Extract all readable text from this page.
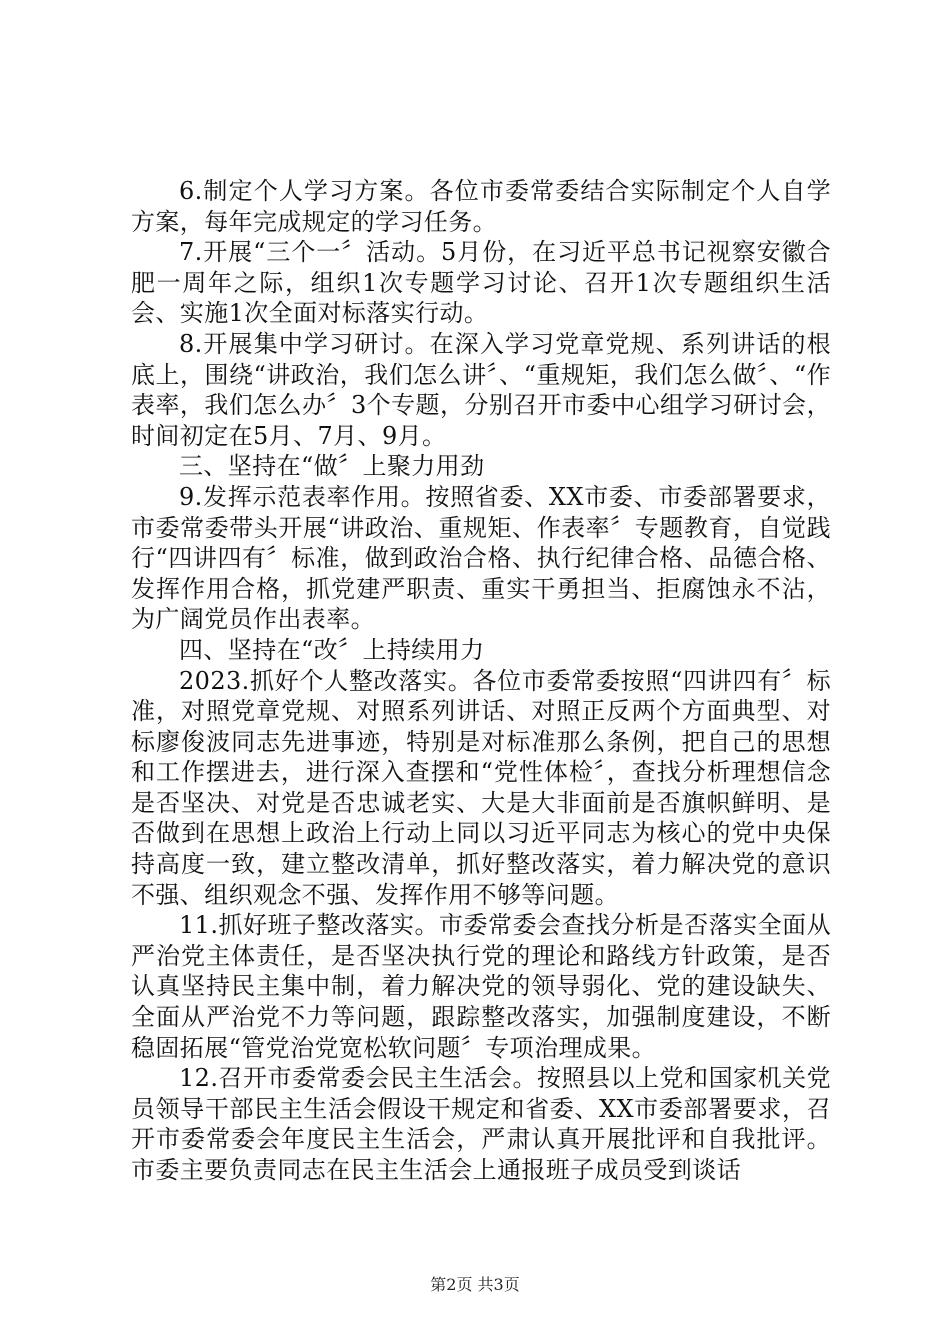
6.制定个人学习方案。各位市委常委结合实际制定个人自学方案，每年完成规定的学习任务。

7.开展“三个一〞活动。5月份，在习近平总书记视察安徽合肥一周年之际，组织1次专题学习讨论、召开1次专题组织生活会、实施1次全面对标落实行动。

8.开展集中学习研讨。在深入学习党章党规、系列讲话的根底上，围绕“讲政治，我们怎么讲〞、“重规矩，我们怎么做〞、“作表率，我们怎么办〞3个专题，分别召开市委中心组学习研讨会，时间初定在5月、7月、9月。

三、坚持在“做〞上聚力用劲

9.发挥示范表率作用。按照省委、XX市委、市委部署要求，市委常委带头开展“讲政治、重规矩、作表率〞专题教育，自觉践行“四讲四有〞标准，做到政治合格、执行纪律合格、品德合格、发挥作用合格，抓党建严职责、重实干勇担当、拒腐蚀永不沾，为广阔党员作出表率。

四、坚持在“改〞上持续用力

2023.抓好个人整改落实。各位市委常委按照“四讲四有〞标准，对照党章党规、对照系列讲话、对照正反两个方面典型、对标廖俊波同志先进事迹，特别是对标准那么条例，把自己的思想和工作摆进去，进行深入查摆和“党性体检〞，查找分析理想信念是否坚决、对党是否忠诚老实、大是大非面前是否旗帜鲜明、是否做到在思想上政治上行动上同以习近平同志为核心的党中央保持高度一致，建立整改清单，抓好整改落实，着力解决党的意识不强、组织观念不强、发挥作用不够等问题。

11.抓好班子整改落实。市委常委会查找分析是否落实全面从严治党主体责任，是否坚决执行党的理论和路线方针政策，是否认真坚持民主集中制，着力解决党的领导弱化、党的建设缺失、全面从严治党不力等问题，跟踪整改落实，加强制度建设，不断稳固拓展“管党治党宽松软问题〞专项治理成果。

12.召开市委常委会民主生活会。按照县以上党和国家机关党员领导干部民主生活会假设干规定和省委、XX市委部署要求，召开市委常委会年度民主生活会，严肃认真开展批评和自我批评。市委主要负责同志在民主生活会上通报班子成员受到谈话

第2页 共3页
